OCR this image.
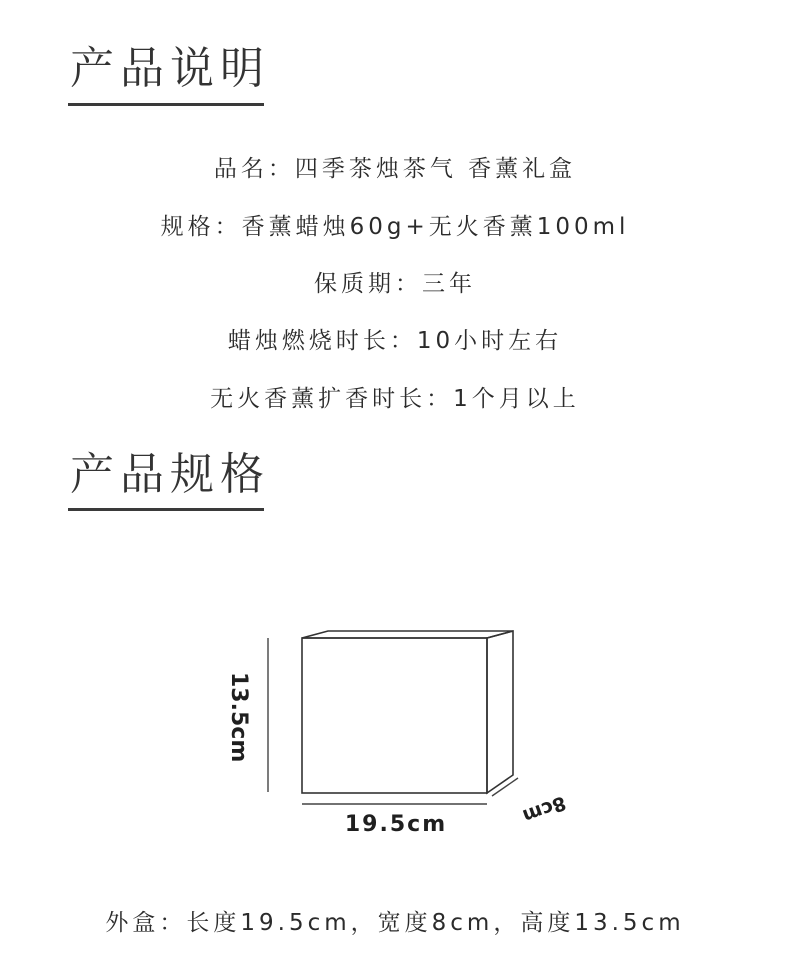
产品说明
品名：四季茶烛茶气 香薰礼盒
规格：香薰蜡烛60g+无火香薰100ml
保质期：三年
蜡烛燃烧时长：10小时左右
无火香薰扩香时长：1个月以上
产品规格
13.5cm
19.5cm	8cm
外盒：长度19.5cm，宽度8cm，高度13.5cm
